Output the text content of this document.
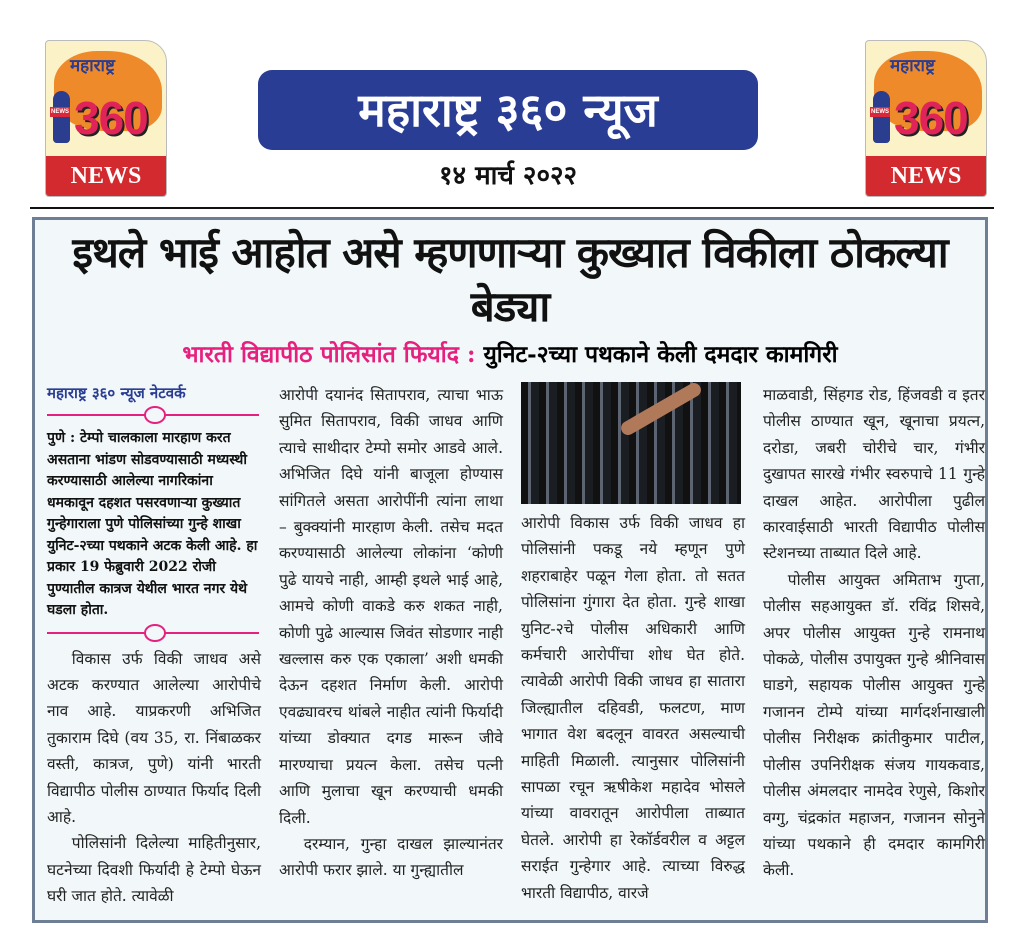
महाराष्ट्र
NEWS 360
NEWS
महाराष्ट्र
NEWS 360
NEWS
महाराष्ट्र ३६० न्यूज
१४ मार्च २०२२
इथले भाई आहोत असे म्हणणाऱ्या कुख्यात विकीला ठोकल्या बेड्या
भारती विद्यापीठ पोलिसांत फिर्याद : युनिट-२च्या पथकाने केली दमदार कामगिरी
महाराष्ट्र ३६० न्यूज नेटवर्क
पुणे : टेम्पो चालकाला मारहाण करत असताना भांडण सोडवण्यासाठी मध्यस्थी करण्यासाठी आलेल्या नागरिकांना धमकावून दहशत पसरवणाऱ्या कुख्यात गुन्हेगाराला पुणे पोलिसांच्या गुन्हे शाखा युनिट-२च्या पथकाने अटक केली आहे. हा प्रकार 19 फेब्रुवारी 2022 रोजी पुण्यातील कात्रज येथील भारत नगर येथे घडला होता.

विकास उर्फ विकी जाधव असे अटक करण्यात आलेल्या आरोपीचे नाव आहे. याप्रकरणी अभिजित तुकाराम दिघे (वय 35, रा. निंबाळकर वस्ती, कात्रज, पुणे) यांनी भारती विद्यापीठ पोलीस ठाण्यात फिर्याद दिली आहे.

पोलिसांनी दिलेल्या माहितीनुसार, घटनेच्या दिवशी फिर्यादी हे टेम्पो घेऊन घरी जात होते. त्यावेळी

आरोपी दयानंद सितापराव, त्याचा भाऊ सुमित सितापराव, विकी जाधव आणि त्याचे साथीदार टेम्पो समोर आडवे आले. अभिजित दिघे यांनी बाजूला होण्यास सांगितले असता आरोपींनी त्यांना लाथा – बुक्क्यांनी मारहाण केली. तसेच मदत करण्यासाठी आलेल्या लोकांना ‘कोणी पुढे यायचे नाही, आम्ही इथले भाई आहे, आमचे कोणी वाकडे करु शकत नाही, कोणी पुढे आल्यास जिवंत सोडणार नाही खल्लास करु एक एकाला’ अशी धमकी देऊन दहशत निर्माण केली. आरोपी एवढ्यावरच थांबले नाहीत त्यांनी फिर्यादी यांच्या डोक्यात दगड मारून जीवे मारण्याचा प्रयत्न केला. तसेच पत्नी आणि मुलाचा खून करण्याची धमकी दिली.

दरम्यान, गुन्हा दाखल झाल्यानंतर आरोपी फरार झाले. या गुन्ह्यातील

आरोपी विकास उर्फ विकी जाधव हा पोलिसांनी पकडू नये म्हणून पुणे शहराबाहेर पळून गेला होता. तो सतत पोलिसांना गुंगारा देत होता. गुन्हे शाखा युनिट-२चे पोलीस अधिकारी आणि कर्मचारी आरोपींचा शोध घेत होते. त्यावेळी आरोपी विकी जाधव हा सातारा जिल्ह्यातील दहिवडी, फलटण, माण भागात वेश बदलून वावरत असल्याची माहिती मिळाली. त्यानुसार पोलिसांनी सापळा रचून ऋषीकेश महादेव भोसले यांच्या वावरातून आरोपीला ताब्यात घेतले. आरोपी हा रेकॉर्डवरील व अट्टल सराईत गुन्हेगार आहे. त्याच्या विरुद्ध भारती विद्यापीठ, वारजे

माळवाडी, सिंहगड रोड, हिंजवडी व इतर पोलीस ठाण्यात खून, खूनाचा प्रयत्न, दरोडा, जबरी चोरीचे चार, गंभीर दुखापत सारखे गंभीर स्वरुपाचे 11 गुन्हे दाखल आहेत. आरोपीला पुढील कारवाईसाठी भारती विद्यापीठ पोलीस स्टेशनच्या ताब्यात दिले आहे.

पोलीस आयुक्त अमिताभ गुप्ता, पोलीस सहआयुक्त डॉ. रविंद्र शिसवे, अपर पोलीस आयुक्त गुन्हे रामनाथ पोकळे, पोलीस उपायुक्त गुन्हे श्रीनिवास घाडगे, सहायक पोलीस आयुक्त गुन्हे गजानन टोम्पे यांच्या मार्गदर्शनाखाली पोलीस निरीक्षक क्रांतीकुमार पाटील, पोलीस उपनिरीक्षक संजय गायकवाड, पोलीस अंमलदार नामदेव रेणुसे, किशोर वग्गु, चंद्रकांत महाजन, गजानन सोनुने यांच्या पथकाने ही दमदार कामगिरी केली.
